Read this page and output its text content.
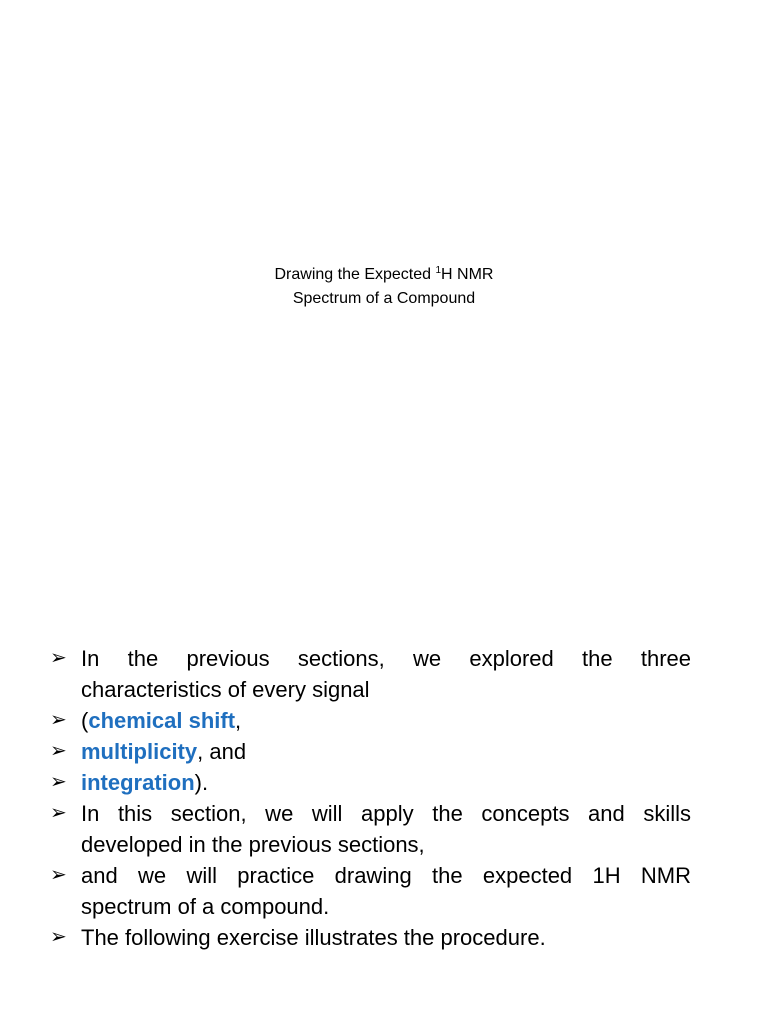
Drawing the Expected $^1$H NMR
Spectrum of a Compound
➢ In the previous sections, we explored the three
characteristics of every signal
➢ (chemical shift,
➢ multiplicity, and
➢ integration).
➢ In this section, we will apply the concepts and skills
developed in the previous sections,
➢ and we will practice drawing the expected 1H NMR
spectrum of a compound.
➢ The following exercise illustrates the procedure.
